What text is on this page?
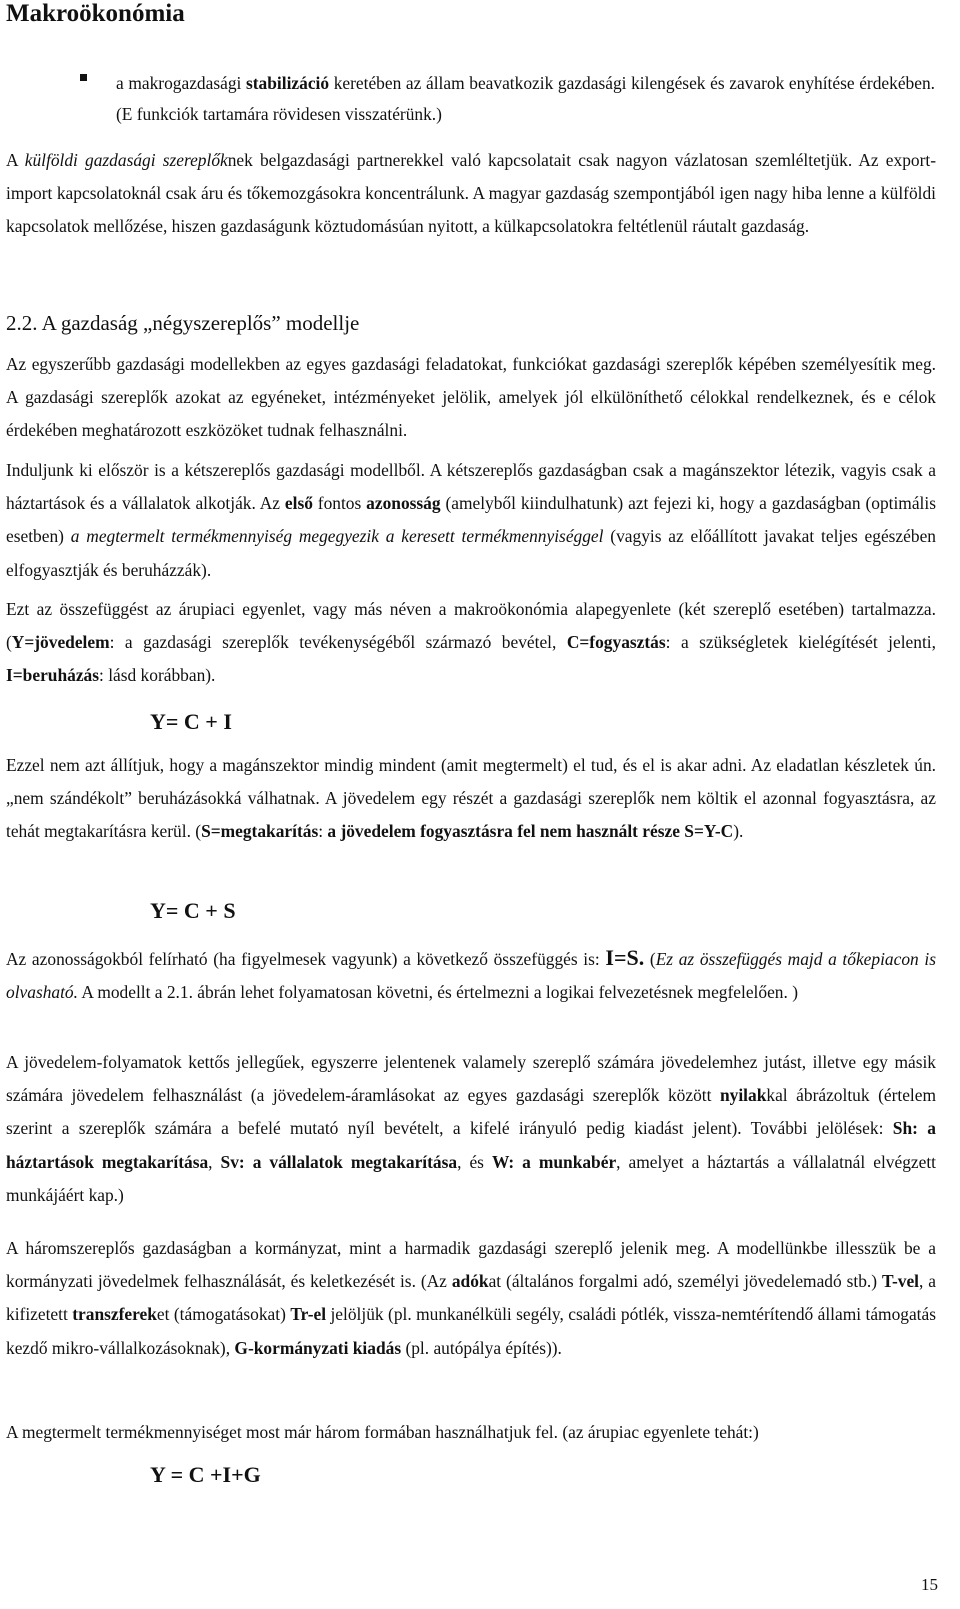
Makroökonómia
a makrogazdasági stabilizáció keretében az állam beavatkozik gazdasági kilengések és zavarok enyhítése érdekében. (E funkciók tartamára rövidesen visszatérünk.)
A külföldi gazdasági szereplőknek belgazdasági partnerekkel való kapcsolatait csak nagyon vázlatosan szemléltetjük. Az export-import kapcsolatoknál csak áru és tőkemozgásokra koncentrálunk. A magyar gazdaság szempontjából igen nagy hiba lenne a külföldi kapcsolatok mellőzése, hiszen gazdaságunk köztudomásúan nyitott, a külkapcsolatokra feltétlenül ráutalt gazdaság.
2.2. A gazdaság „négyszereplős” modellje
Az egyszerűbb gazdasági modellekben az egyes gazdasági feladatokat, funkciókat gazdasági szereplők képében személyesítik meg. A gazdasági szereplők azokat az egyéneket, intézményeket jelölik, amelyek jól elkülöníthető célokkal rendelkeznek, és e célok érdekében meghatározott eszközöket tudnak felhasználni.
Induljunk ki először is a kétszereplős gazdasági modellből. A kétszereplős gazdaságban csak a magánszektor létezik, vagyis csak a háztartások és a vállalatok alkotják. Az első fontos azonosság (amelyből kiindulhatunk) azt fejezi ki, hogy a gazdaságban (optimális esetben) a megtermelt termékmennyiség megegyezik a keresett termékmennyiséggel (vagyis az előállított javakat teljes egészében elfogyasztják és beruházzák).
Ezt az összefüggést az árupiaci egyenlet, vagy más néven a makroökonómia alapegyenlete (két szereplő esetében) tartalmazza. (Y=jövedelem: a gazdasági szereplők tevékenységéből származó bevétel, C=fogyasztás: a szükségletek kielégítését jelenti, I=beruházás: lásd korábban).
Y= C + I
Ezzel nem azt állítjuk, hogy a magánszektor mindig mindent (amit megtermelt) el tud, és el is akar adni. Az eladatlan készletek ún. „nem szándékolt” beruházásokká válhatnak. A jövedelem egy részét a gazdasági szereplők nem költik el azonnal fogyasztásra, az tehát megtakarításra kerül. (S=megtakarítás: a jövedelem fogyasztásra fel nem használt része S=Y-C).
Y= C + S
Az azonosságokból felírható (ha figyelmesek vagyunk) a következő összefüggés is: I=S. (Ez az összefüggés majd a tőkepiacon is olvasható. A modellt a 2.1. ábrán lehet folyamatosan követni, és értelmezni a logikai felvezetésnek megfelelően. )
A jövedelem-folyamatok kettős jellegűek, egyszerre jelentenek valamely szereplő számára jövedelemhez jutást, illetve egy másik számára jövedelem felhasználást (a jövedelem-áramlásokat az egyes gazdasági szereplők között nyilakkal ábrázoltuk (értelem szerint a szereplők számára a befelé mutató nyíl bevételt, a kifelé irányuló pedig kiadást jelent). További jelölések: Sh: a háztartások megtakarítása, Sv: a vállalatok megtakarítása, és W: a munkabér, amelyet a háztartás a vállalatnál elvégzett munkájáért kap.)
A háromszereplős gazdaságban a kormányzat, mint a harmadik gazdasági szereplő jelenik meg. A modellünkbe illesszük be a kormányzati jövedelmek felhasználását, és keletkezését is. (Az adókat (általános forgalmi adó, személyi jövedelemadó stb.) T-vel, a kifizetett transzfereket (támogatásokat) Tr-el jelöljük (pl. munkanélküli segély, családi pótlék, vissza-nemtérítendő állami támogatás kezdő mikro-vállalkozásoknak), G-kormányzati kiadás (pl. autópálya építés)).
A megtermelt termékmennyiséget most már három formában használhatjuk fel. (az árupiac egyenlete tehát:)
Y = C +I+G
15
